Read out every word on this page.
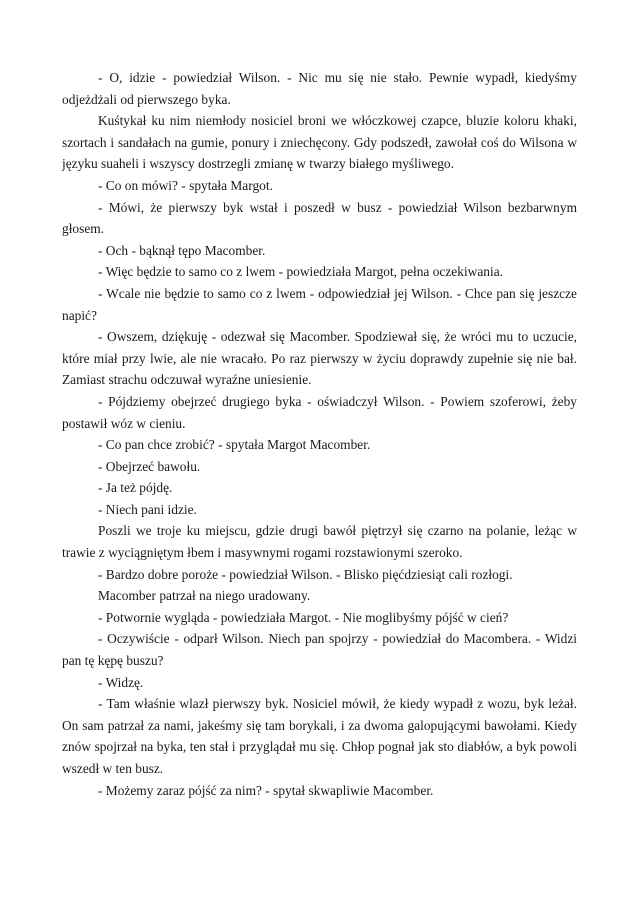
- O, idzie - powiedział Wilson. - Nic mu się nie stało. Pewnie wypadł, kiedyśmy odjeżdżali od pierwszego byka.

Kuśtykał ku nim niemłody nosiciel broni we włóczkowej czapce, bluzie koloru khaki, szortach i sandałach na gumie, ponury i zniechęcony. Gdy podszedł, zawołał coś do Wilsona w języku suaheli i wszyscy dostrzegli zmianę w twarzy białego myśliwego.

- Co on mówi? - spytała Margot.

- Mówi, że pierwszy byk wstał i poszedł w busz - powiedział Wilson bezbarwnym głosem.

- Och - bąknął tępo Macomber.

- Więc będzie to samo co z lwem - powiedziała Margot, pełna oczekiwania.

- Wcale nie będzie to samo co z lwem - odpowiedział jej Wilson. - Chce pan się jeszcze napić?

- Owszem, dziękuję - odezwał się Macomber. Spodziewał się, że wróci mu to uczucie, które miał przy lwie, ale nie wracało. Po raz pierwszy w życiu doprawdy zupełnie się nie bał. Zamiast strachu odczuwał wyraźne uniesienie.

- Pójdziemy obejrzeć drugiego byka - oświadczył Wilson. - Powiem szoferowi, żeby postawił wóz w cieniu.

- Co pan chce zrobić? - spytała Margot Macomber.

- Obejrzeć bawołu.

- Ja też pójdę.

- Niech pani idzie.

Poszli we troje ku miejscu, gdzie drugi bawół piętrzył się czarno na polanie, leżąc w trawie z wyciągniętym łbem i masywnymi rogami rozstawionymi szeroko.

- Bardzo dobre poroże - powiedział Wilson. - Blisko pięćdziesiąt cali rozłogi.

Macomber patrzał na niego uradowany.

- Potwornie wygląda - powiedziała Margot. - Nie moglibyśmy pójść w cień?

- Oczywiście - odparł Wilson. Niech pan spojrzy - powiedział do Macombera. - Widzi pan tę kępę buszu?

- Widzę.

- Tam właśnie wlazł pierwszy byk. Nosiciel mówił, że kiedy wypadł z wozu, byk leżał. On sam patrzał za nami, jakeśmy się tam borykali, i za dwoma galopującymi bawołami. Kiedy znów spojrzał na byka, ten stał i przyglądał mu się. Chłop pognał jak sto diabłów, a byk powoli wszedł w ten busz.

- Możemy zaraz pójść za nim? - spytał skwapliwie Macomber.
